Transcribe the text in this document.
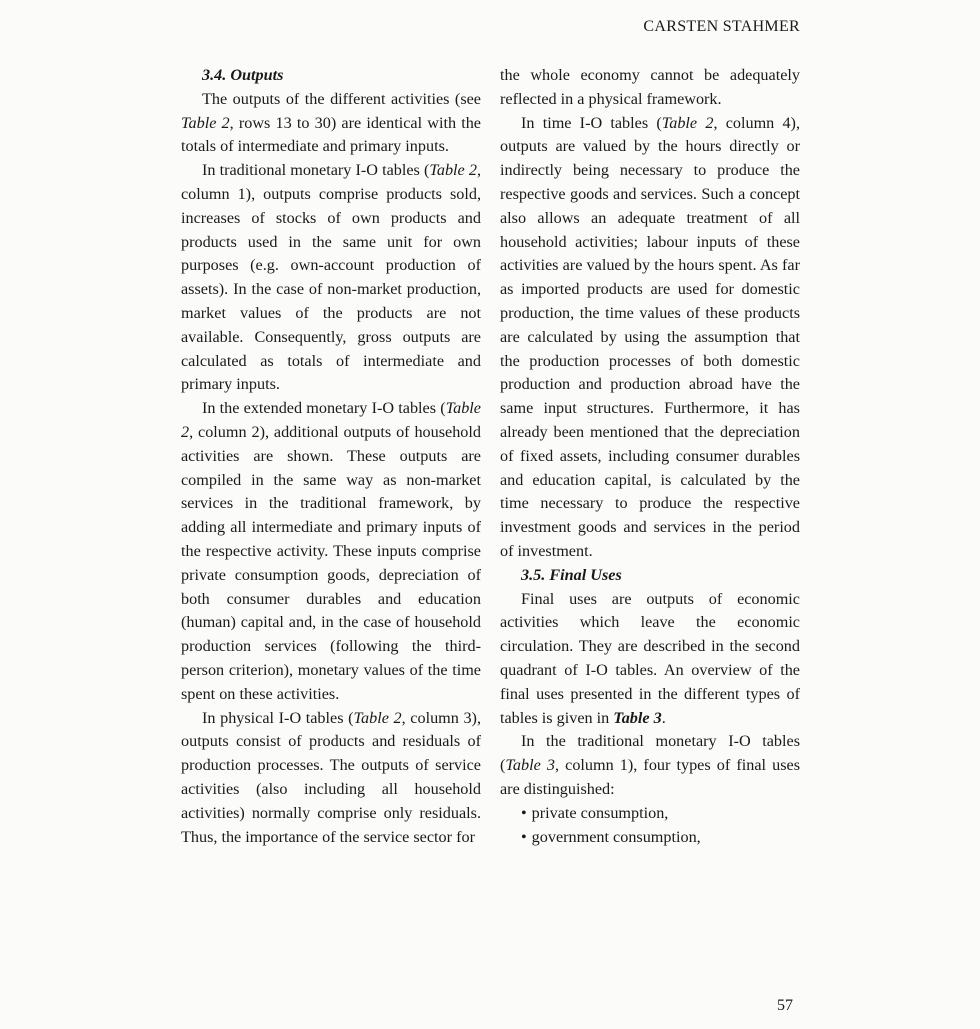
CARSTEN STAHMER

3.4. Outputs

The outputs of the different activities (see Table 2, rows 13 to 30) are identical with the totals of intermediate and primary inputs.

In traditional monetary I-O tables (Table 2, column 1), outputs comprise products sold, increases of stocks of own products and products used in the same unit for own purposes (e.g. own-account production of assets). In the case of non-market production, market values of the products are not available. Consequently, gross outputs are calculated as totals of intermediate and primary inputs.

In the extended monetary I-O tables (Table 2, column 2), additional outputs of household activities are shown. These outputs are compiled in the same way as non-market services in the traditional framework, by adding all intermediate and primary inputs of the respective activity. These inputs comprise private consumption goods, depreciation of both consumer durables and education (human) capital and, in the case of household production services (following the third-person criterion), monetary values of the time spent on these activities.

In physical I-O tables (Table 2, column 3), outputs consist of products and residuals of production processes. The outputs of service activities (also including all household activities) normally comprise only residuals. Thus, the importance of the service sector for

the whole economy cannot be adequately reflected in a physical framework.

In time I-O tables (Table 2, column 4), outputs are valued by the hours directly or indirectly being necessary to produce the respective goods and services. Such a concept also allows an adequate treatment of all household activities; labour inputs of these activities are valued by the hours spent. As far as imported products are used for domestic production, the time values of these products are calculated by using the assumption that the production processes of both domestic production and production abroad have the same input structures. Furthermore, it has already been mentioned that the depreciation of fixed assets, including consumer durables and education capital, is calculated by the time necessary to produce the respective investment goods and services in the period of investment.

3.5. Final Uses

Final uses are outputs of economic activities which leave the economic circulation. They are described in the second quadrant of I-O tables. An overview of the final uses presented in the different types of tables is given in Table 3.

In the traditional monetary I-O tables (Table 3, column 1), four types of final uses are distinguished:

• private consumption,
• government consumption,
57
